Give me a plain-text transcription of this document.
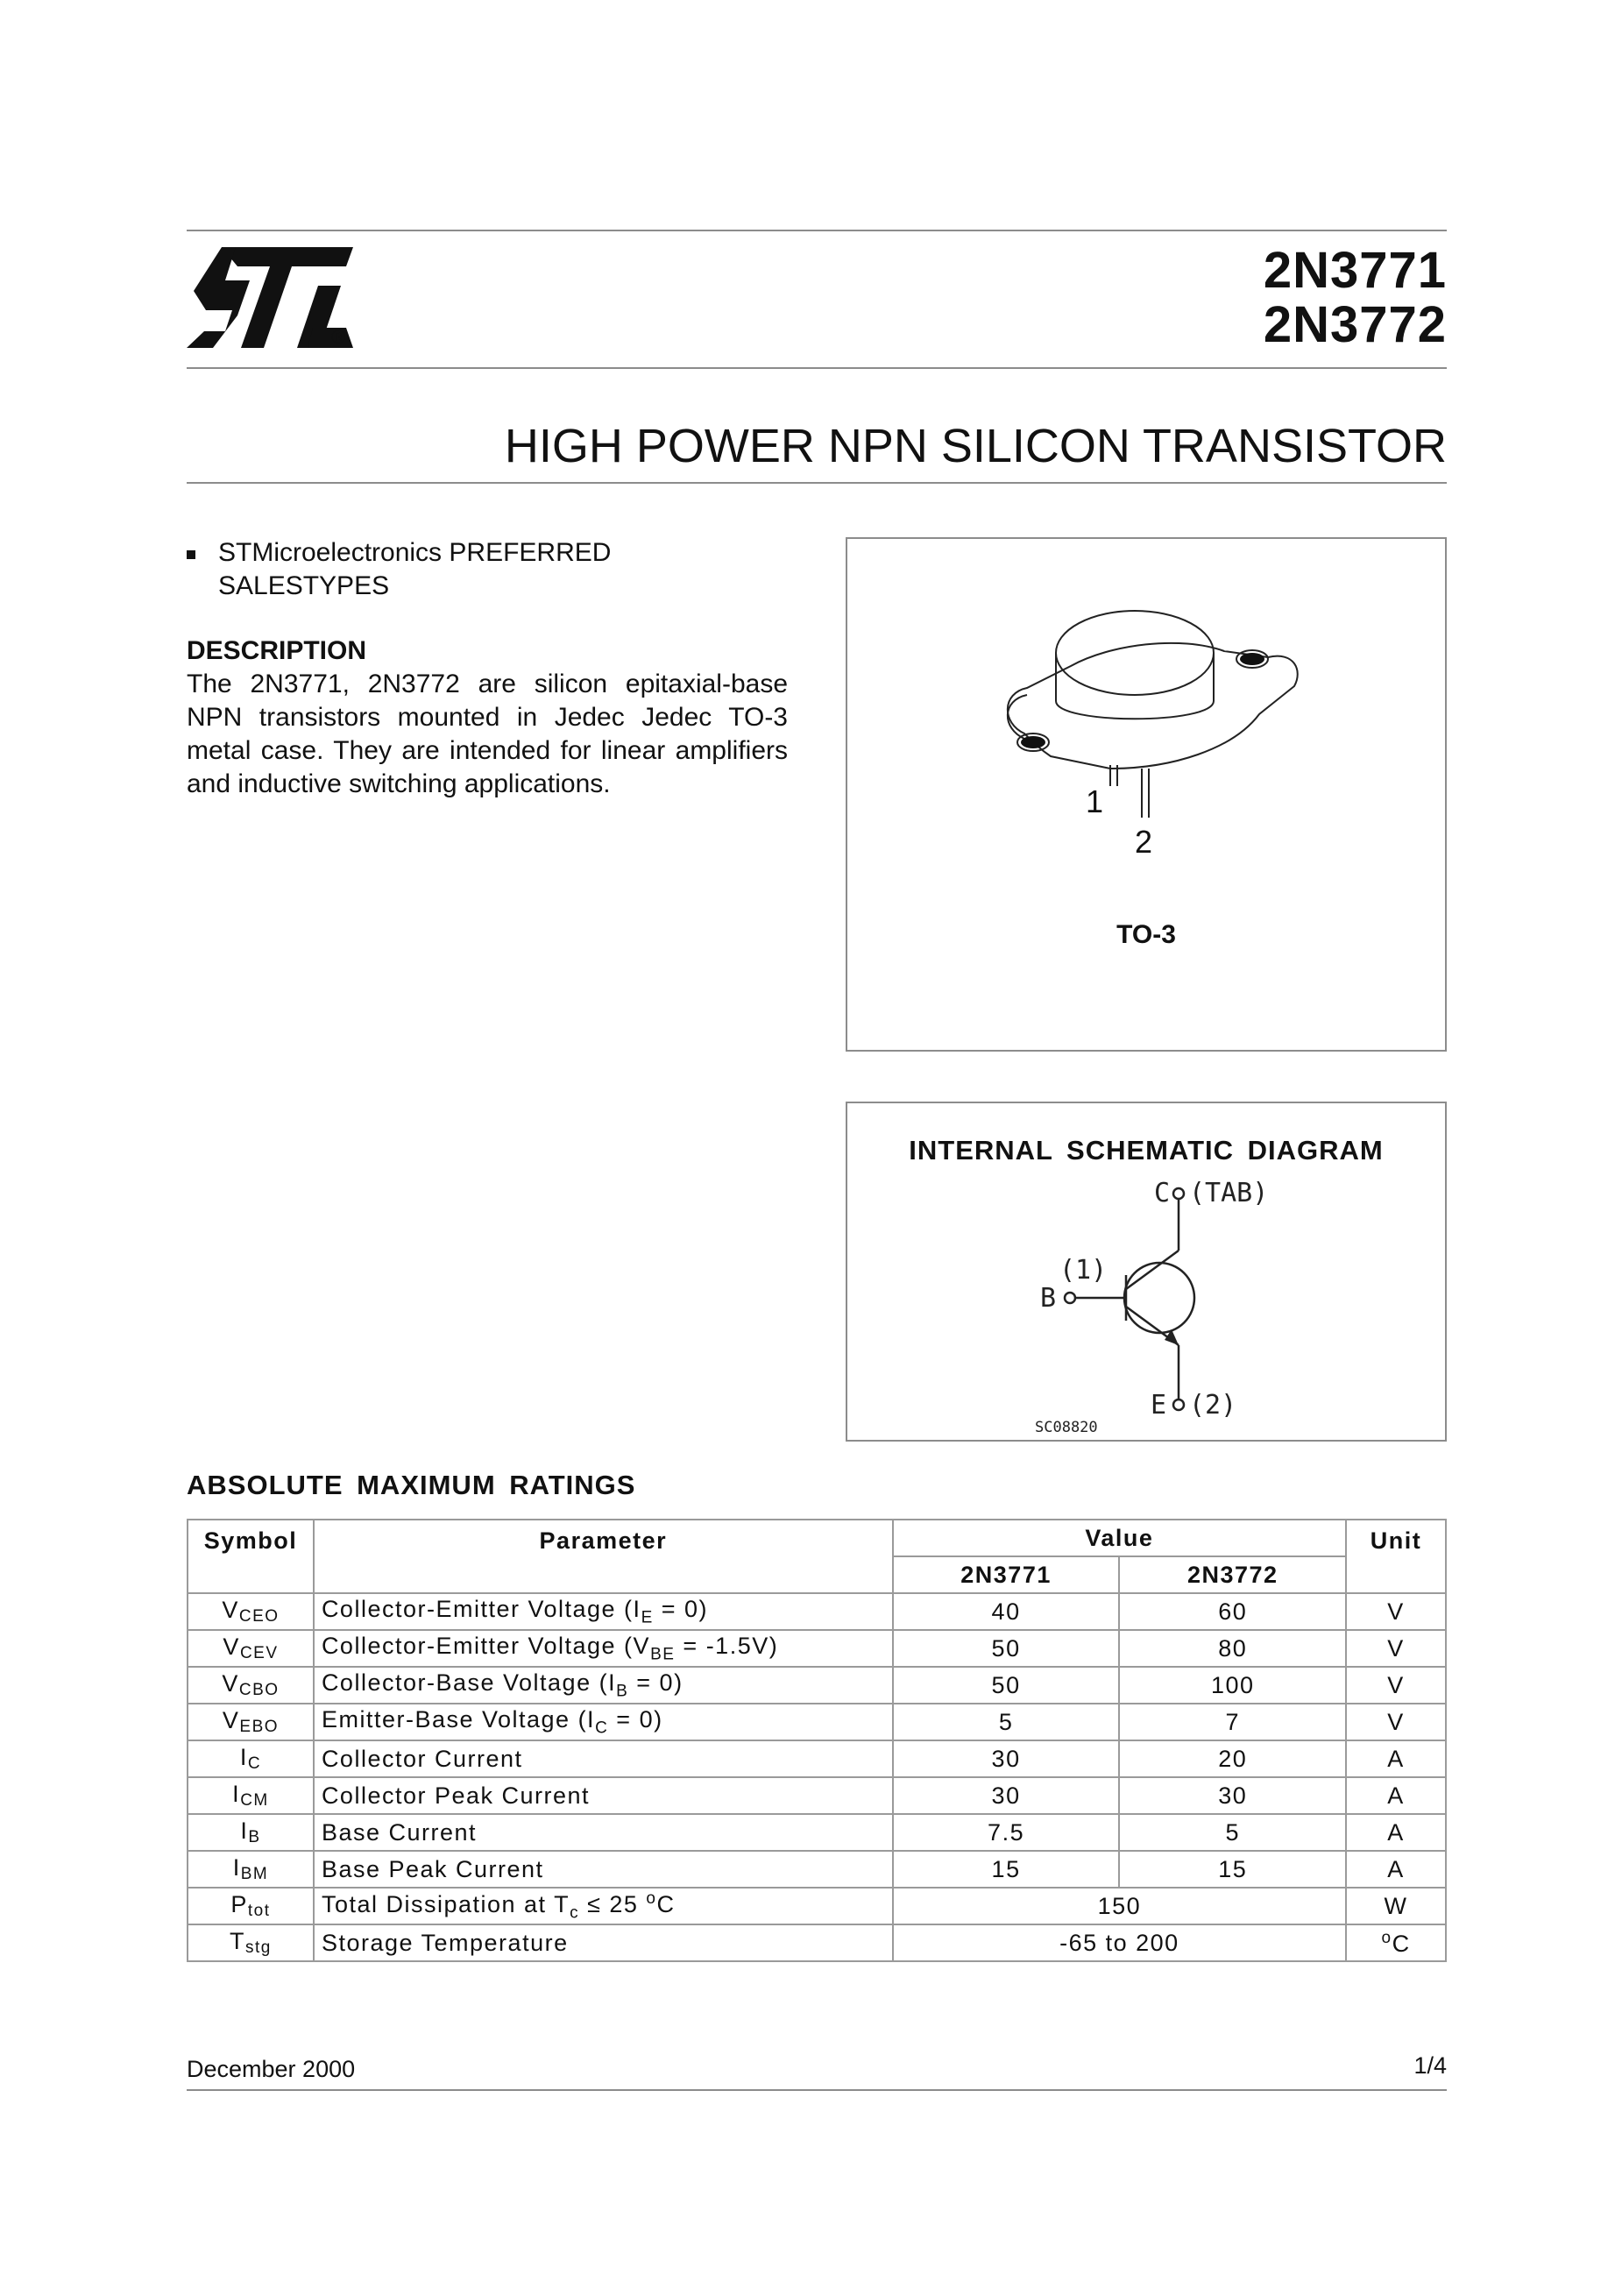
®
2N3771
2N3772
HIGH POWER NPN SILICON TRANSISTOR
STMicroelectronics PREFERRED SALESTYPES
DESCRIPTION

The 2N3771, 2N3772 are silicon epitaxial-base NPN transistors mounted in Jedec Jedec TO-3 metal case. They are intended for linear amplifiers and inductive switching applications.	1
2
TO-3
INTERNAL SCHEMATIC DIAGRAM
C (TAB)
(1)
B
E (2)
SC08820
ABSOLUTE MAXIMUM RATINGS
Symbol	Parameter	Value		Unit
		2N3771	2N3772	
$V_{CEO}$	Collector-Emitter Voltage $(I_E = 0)$	40	60	V
$V_{CEV}$	Collector-Emitter Voltage $(V_{BE} = -1.5V)$	50	80	V
$V_{CBO}$	Collector-Base Voltage $(I_B = 0)$	50	100	V
$V_{EBO}$	Emitter-Base Voltage $(I_C = 0)$	5	7	V
$I_C$	Collector Current	30	20	A
$I_{CM}$	Collector Peak Current	30	30	A
$I_B$	Base Current	7.5	5	A
$I_{BM}$	Base Peak Current	15	15	A
$P_{tot}$	Total Dissipation at $T_c \le 25$ $^o$C	150		W
$T_{stg}$	Storage Temperature	-65 to 200		$^o$C
December 2000	1/4
